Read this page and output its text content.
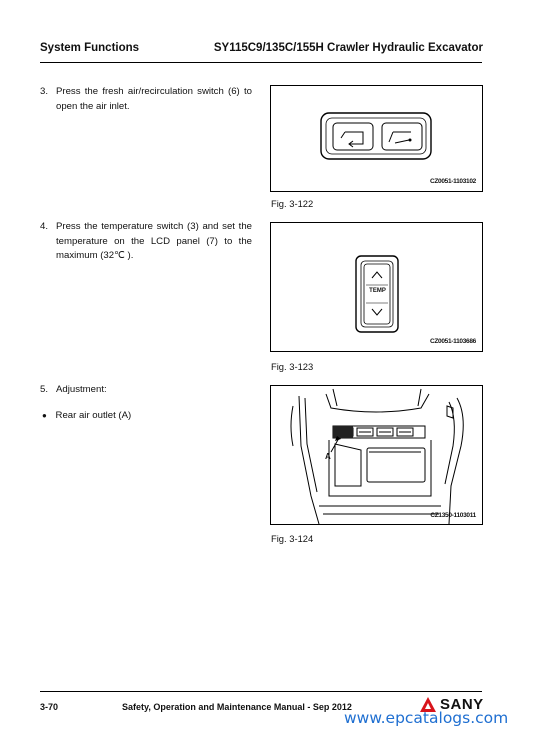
System Functions	SY115C9/135C/155H Crawler Hydraulic Excavator
3. Press the fresh air/recirculation switch (6) to open the air inlet.
CZ0051-1103102
Fig. 3-122
4. Press the temperature switch (3) and set the temperature on the LCD panel (7) to the maximum (32℃ ).
TEMP
CZ0051-1103686
Fig. 3-123
5. Adjustment:
● Rear air outlet (A)
A
CZ1350-1103011
Fig. 3-124
3-70	Safety, Operation and Maintenance Manual - Sep 2012	SANY
www.epcatalogs.com
